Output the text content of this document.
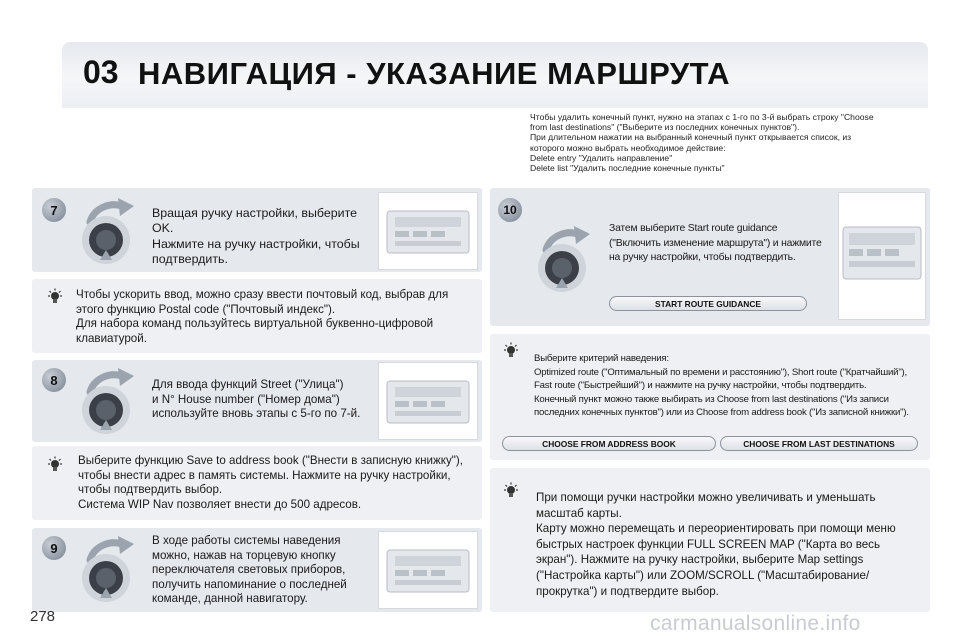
03 НАВИГАЦИЯ - УКАЗАНИЕ МАРШРУТА
Чтобы удалить конечный пункт, нужно на этапах с 1-го по 3-й выбрать строку "Choose
from last destinations" ("Выберите из последних конечных пунктов").
При длительном нажатии на выбранный конечный пункт открывается список, из
которого можно выбрать необходимое действие:
Delete entry "Удалить направление"
Delete list "Удалить последние конечные пункты"
7	Вращая ручку настройки, выберите OK.
Нажмите на ручку настройки, чтобы подтвердить.
Чтобы ускорить ввод, можно сразу ввести почтовый код, выбрав для этого функцию Postal code ("Почтовый индекс").
Для набора команд пользуйтесь виртуальной буквенно-цифровой клавиатурой.
8	Для ввода функций Street ("Улица")
и N° House number ("Номер дома")
используйте вновь этапы с 5-го по 7-й.
Выберите функцию Save to address book ("Внести в записную книжку"), чтобы внести адрес в память системы. Нажмите на ручку настройки, чтобы подтвердить выбор.
Система WIP Nav позволяет внести до 500 адресов.
9	В ходе работы системы наведения можно, нажав на торцевую кнопку переключателя световых приборов, получить напоминание о последней команде, данной навигатору.
10
Затем выберите Start route guidance ("Включить изменение маршрута") и нажмите на ручку настройки, чтобы подтвердить.
START ROUTE GUIDANCE
Выберите критерий наведения:
Optimized route ("Оптимальный по времени и расстоянию"), Short route ("Кратчайший"), Fast route ("Быстрейший") и нажмите на ручку настройки, чтобы подтвердить.
Конечный пункт можно также выбирать из Choose from last destinations ("Из записи последних конечных пунктов") или из Choose from address book ("Из записной книжки").
CHOOSE FROM ADDRESS BOOK	CHOOSE FROM LAST DESTINATIONS
При помощи ручки настройки можно увеличивать и уменьшать масштаб карты.
Карту можно перемещать и переориентировать при помощи меню быстрых настроек функции FULL SCREEN MAP ("Карта во весь экран"). Нажмите на ручку настройки, выберите Map settings ("Настройка карты") или ZOOM/SCROLL ("Масштабирование/прокрутка") и подтвердите выбор.
278	carmanualsonline.info
